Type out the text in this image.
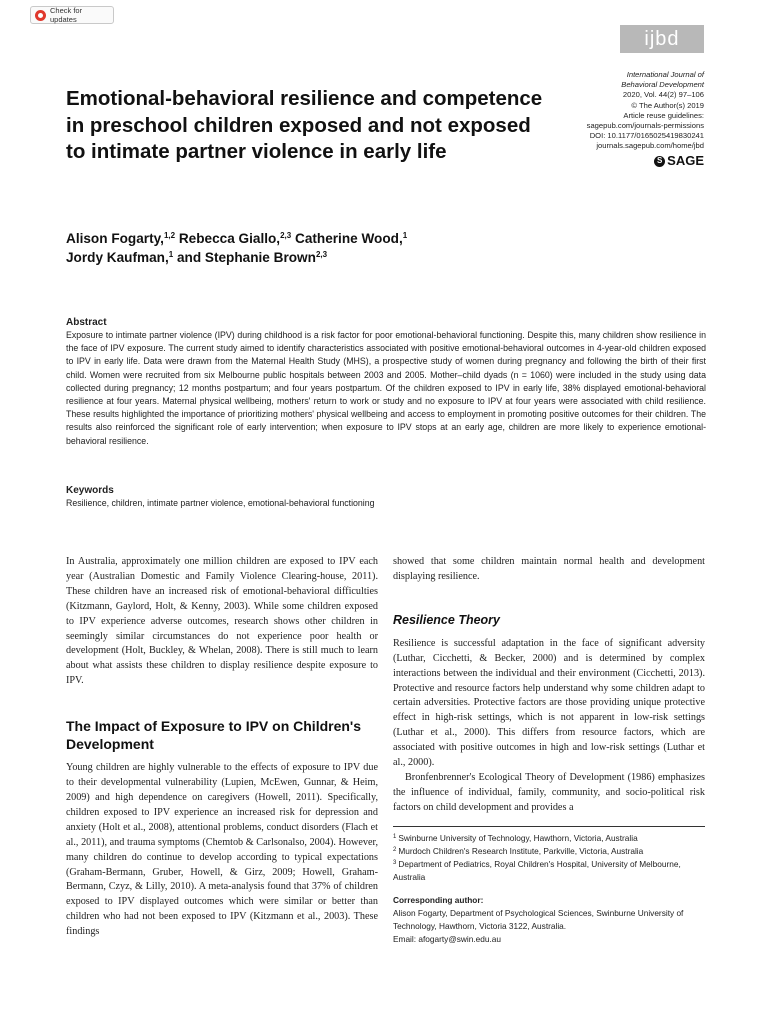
Check for updates
ijbd
International Journal of
Behavioral Development
2020, Vol. 44(2) 97–106
© The Author(s) 2019
Article reuse guidelines:
sagepub.com/journals-permissions
DOI: 10.1177/0165025419830241
journals.sagepub.com/home/jbd
S SAGE
Emotional-behavioral resilience and competence in preschool children exposed and not exposed to intimate partner violence in early life
Alison Fogarty,$^{1,2}$ Rebecca Giallo,$^{2,3}$ Catherine Wood,$^1$
Jordy Kaufman,$^1$ and Stephanie Brown$^{2,3}$
Abstract

Exposure to intimate partner violence (IPV) during childhood is a risk factor for poor emotional-behavioral functioning. Despite this, many children show resilience in the face of IPV exposure. The current study aimed to identify characteristics associated with positive emotional-behavioral outcomes in 4-year-old children exposed to IPV in early life. Data were drawn from the Maternal Health Study (MHS), a prospective study of women during pregnancy and following the birth of their first child. Women were recruited from six Melbourne public hospitals between 2003 and 2005. Mother–child dyads (n = 1060) were included in the study using data collected during pregnancy; 12 months postpartum; and four years postpartum. Of the children exposed to IPV in early life, 38% displayed emotional-behavioral resilience at four years. Maternal physical wellbeing, mothers' return to work or study and no exposure to IPV at four years were associated with child resilience. These results highlighted the importance of prioritizing mothers' physical wellbeing and access to employment in promoting positive outcomes for their children. The results also reinforced the significant role of early intervention; when exposure to IPV stops at an early age, children are more likely to experience emotional-behavioral resilience.

Keywords

Resilience, children, intimate partner violence, emotional-behavioral functioning

In Australia, approximately one million children are exposed to IPV each year (Australian Domestic and Family Violence Clearing-house, 2011). These children have an increased risk of emotional-behavioral difficulties (Kitzmann, Gaylord, Holt, & Kenny, 2003). While some children exposed to IPV experience adverse outcomes, research shows other children in seemingly similar circumstances do not experience poor health or development (Holt, Buckley, & Whelan, 2008). There is still much to learn about what assists these children to display resilience despite exposure to IPV.

The Impact of Exposure to IPV on Children's Development

Young children are highly vulnerable to the effects of exposure to IPV due to their developmental vulnerability (Lupien, McEwen, Gunnar, & Heim, 2009) and high dependence on caregivers (Howell, 2011). Specifically, children exposed to IPV experience an increased risk for depression and anxiety (Holt et al., 2008), attentional problems, conduct disorders (Flach et al., 2011), and trauma symptoms (Chemtob & Carlsonalso, 2004). However, many children do continue to develop according to typical expectations (Graham-Bermann, Gruber, Howell, & Girz, 2009; Howell, Graham-Bermann, Czyz, & Lilly, 2010). A meta-analysis found that 37% of children exposed to IPV displayed outcomes which were similar or better than children who had not been exposed to IPV (Kitzmann et al., 2003). These findings

showed that some children maintain normal health and development displaying resilience.

Resilience Theory

Resilience is successful adaptation in the face of significant adversity (Luthar, Cicchetti, & Becker, 2000) and is determined by complex interactions between the individual and their environment (Cicchetti, 2013). Protective and resource factors help understand why some children adapt to certain adversities. Protective factors are those providing unique protective effect in high-risk settings, which is not apparent in low-risk settings (Luthar et al., 2000). This differs from resource factors, which are associated with positive outcomes in high and low-risk settings (Luthar et al., 2000).

Bronfenbrenner's Ecological Theory of Development (1986) emphasizes the influence of individual, family, community, and socio-political risk factors on child development and provides a

$^1$ Swinburne University of Technology, Hawthorn, Victoria, Australia
$^2$ Murdoch Children's Research Institute, Parkville, Victoria, Australia
$^3$ Department of Pediatrics, Royal Children's Hospital, University of Melbourne, Australia
Corresponding author:
Alison Fogarty, Department of Psychological Sciences, Swinburne University of Technology, Hawthorn, Victoria 3122, Australia.
Email: afogarty@swin.edu.au
